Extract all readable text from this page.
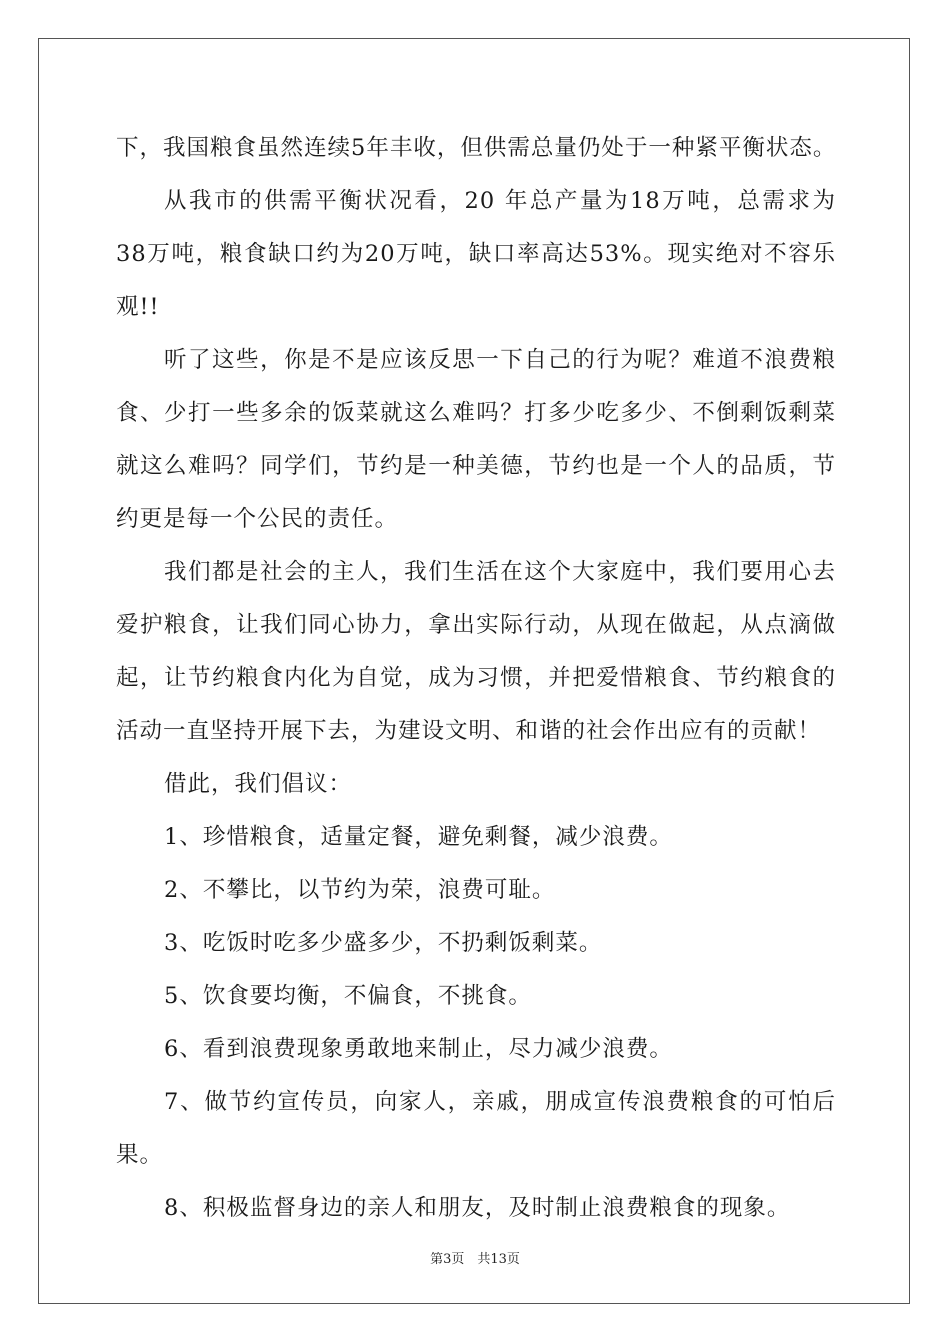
下，我国粮食虽然连续5年丰收，但供需总量仍处于一种紧平衡状态。
从我市的供需平衡状况看，20 年总产量为18万吨，总需求为
38万吨，粮食缺口约为20万吨，缺口率高达53%。现实绝对不容乐
观!!
听了这些，你是不是应该反思一下自己的行为呢？难道不浪费粮
食、少打一些多余的饭菜就这么难吗？打多少吃多少、不倒剩饭剩菜
就这么难吗？同学们，节约是一种美德，节约也是一个人的品质，节
约更是每一个公民的责任。
我们都是社会的主人，我们生活在这个大家庭中，我们要用心去
爱护粮食，让我们同心协力，拿出实际行动，从现在做起，从点滴做
起，让节约粮食内化为自觉，成为习惯，并把爱惜粮食、节约粮食的
活动一直坚持开展下去，为建设文明、和谐的社会作出应有的贡献！
借此，我们倡议：
1、珍惜粮食，适量定餐，避免剩餐，减少浪费。
2、不攀比，以节约为荣，浪费可耻。
3、吃饭时吃多少盛多少，不扔剩饭剩菜。
5、饮食要均衡，不偏食，不挑食。
6、看到浪费现象勇敢地来制止，尽力减少浪费。
7、做节约宣传员，向家人，亲戚，朋成宣传浪费粮食的可怕后
果。
8、积极监督身边的亲人和朋友，及时制止浪费粮食的现象。
第3页　共13页
